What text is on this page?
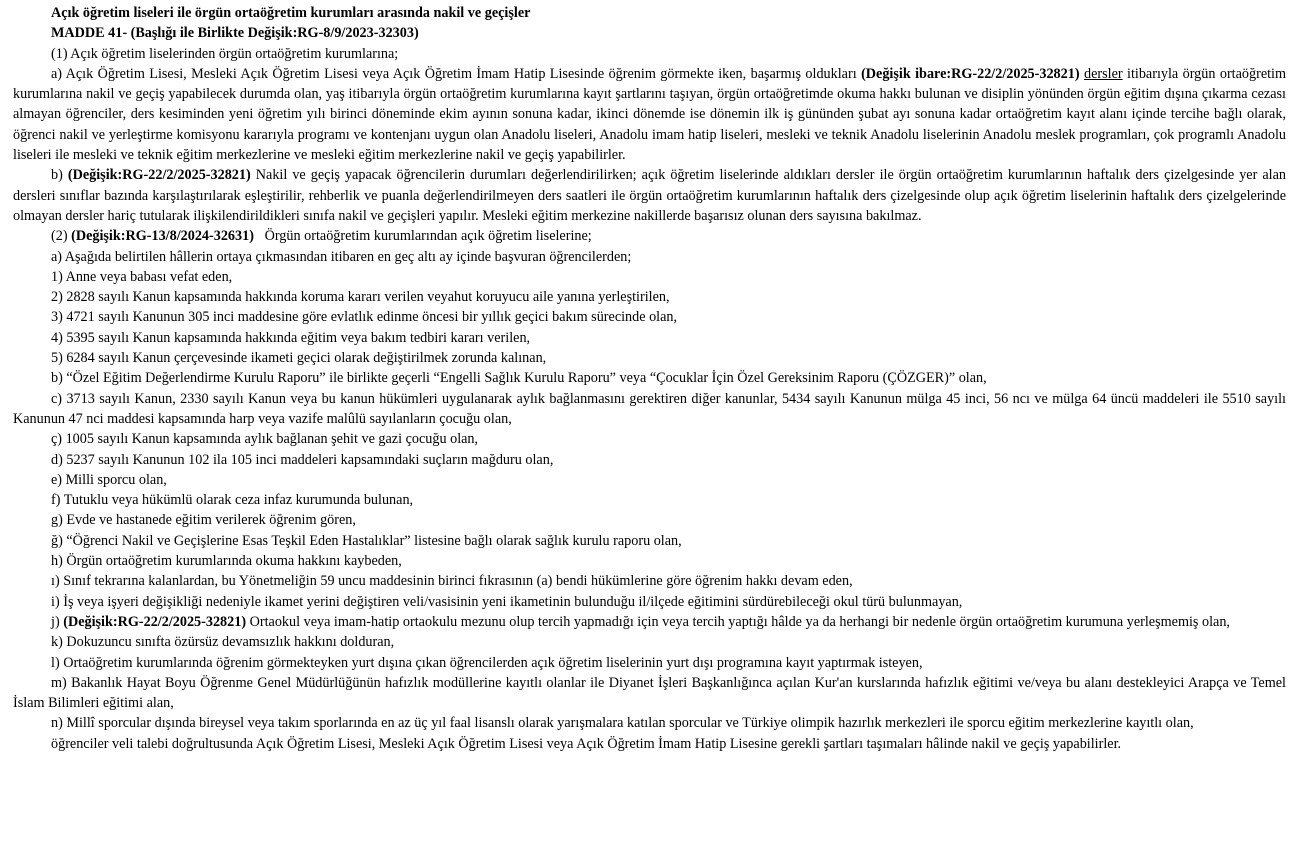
Açık öğretim liseleri ile örgün ortaöğretim kurumları arasında nakil ve geçişler

MADDE 41- (Başlığı ile Birlikte Değişik:RG-8/9/2023-32303)

(1) Açık öğretim liselerinden örgün ortaöğretim kurumlarına;

a) Açık Öğretim Lisesi, Mesleki Açık Öğretim Lisesi veya Açık Öğretim İmam Hatip Lisesinde öğrenim görmekte iken, başarmış oldukları (Değişik ibare:RG-22/2/2025-32821) dersler itibarıyla örgün ortaöğretim kurumlarına nakil ve geçiş yapabilecek durumda olan, yaş itibarıyla örgün ortaöğretim kurumlarına kayıt şartlarını taşıyan, örgün ortaöğretimde okuma hakkı bulunan ve disiplin yönünden örgün eğitim dışına çıkarma cezası almayan öğrenciler, ders kesiminden yeni öğretim yılı birinci döneminde ekim ayının sonuna kadar, ikinci dönemde ise dönemin ilk iş gününden şubat ayı sonuna kadar ortaöğretim kayıt alanı içinde tercihe bağlı olarak, öğrenci nakil ve yerleştirme komisyonu kararıyla programı ve kontenjanı uygun olan Anadolu liseleri, Anadolu imam hatip liseleri, mesleki ve teknik Anadolu liselerinin Anadolu meslek programları, çok programlı Anadolu liseleri ile mesleki ve teknik eğitim merkezlerine ve mesleki eğitim merkezlerine nakil ve geçiş yapabilirler.

b) (Değişik:RG-22/2/2025-32821) Nakil ve geçiş yapacak öğrencilerin durumları değerlendirilirken; açık öğretim liselerinde aldıkları dersler ile örgün ortaöğretim kurumlarının haftalık ders çizelgesinde yer alan dersleri sınıflar bazında karşılaştırılarak eşleştirilir, rehberlik ve puanla değerlendirilmeyen ders saatleri ile örgün ortaöğretim kurumlarının haftalık ders çizelgesinde olup açık öğretim liselerinin haftalık ders çizelgelerinde olmayan dersler hariç tutularak ilişkilendirildikleri sınıfa nakil ve geçişleri yapılır. Mesleki eğitim merkezine nakillerde başarısız olunan ders sayısına bakılmaz.

(2) (Değişik:RG-13/8/2024-32631) Örgün ortaöğretim kurumlarından açık öğretim liselerine;

a) Aşağıda belirtilen hâllerin ortaya çıkmasından itibaren en geç altı ay içinde başvuran öğrencilerden;

1) Anne veya babası vefat eden,

2) 2828 sayılı Kanun kapsamında hakkında koruma kararı verilen veyahut koruyucu aile yanına yerleştirilen,

3) 4721 sayılı Kanunun 305 inci maddesine göre evlatlık edinme öncesi bir yıllık geçici bakım sürecinde olan,

4) 5395 sayılı Kanun kapsamında hakkında eğitim veya bakım tedbiri kararı verilen,

5) 6284 sayılı Kanun çerçevesinde ikameti geçici olarak değiştirilmek zorunda kalınan,

b) “Özel Eğitim Değerlendirme Kurulu Raporu” ile birlikte geçerli “Engelli Sağlık Kurulu Raporu” veya “Çocuklar İçin Özel Gereksinim Raporu (ÇÖZGER)” olan,

c) 3713 sayılı Kanun, 2330 sayılı Kanun veya bu kanun hükümleri uygulanarak aylık bağlanmasını gerektiren diğer kanunlar, 5434 sayılı Kanunun mülga 45 inci, 56 ncı ve mülga 64 üncü maddeleri ile 5510 sayılı Kanunun 47 nci maddesi kapsamında harp veya vazife malûlü sayılanların çocuğu olan,

ç) 1005 sayılı Kanun kapsamında aylık bağlanan şehit ve gazi çocuğu olan,

d) 5237 sayılı Kanunun 102 ila 105 inci maddeleri kapsamındaki suçların mağduru olan,

e) Milli sporcu olan,

f) Tutuklu veya hükümlü olarak ceza infaz kurumunda bulunan,

g) Evde ve hastanede eğitim verilerek öğrenim gören,

ğ) “Öğrenci Nakil ve Geçişlerine Esas Teşkil Eden Hastalıklar” listesine bağlı olarak sağlık kurulu raporu olan,

h) Örgün ortaöğretim kurumlarında okuma hakkını kaybeden,

ı) Sınıf tekrarına kalanlardan, bu Yönetmeliğin 59 uncu maddesinin birinci fıkrasının (a) bendi hükümlerine göre öğrenim hakkı devam eden,

i) İş veya işyeri değişikliği nedeniyle ikamet yerini değiştiren veli/vasisinin yeni ikametinin bulunduğu il/ilçede eğitimini sürdürebileceği okul türü bulunmayan,

j) (Değişik:RG-22/2/2025-32821) Ortaokul veya imam-hatip ortaokulu mezunu olup tercih yapmadığı için veya tercih yaptığı hâlde ya da herhangi bir nedenle örgün ortaöğretim kurumuna yerleşmemiş olan,

k) Dokuzuncu sınıfta özürsüz devamsızlık hakkını dolduran,

l) Ortaöğretim kurumlarında öğrenim görmekteyken yurt dışına çıkan öğrencilerden açık öğretim liselerinin yurt dışı programına kayıt yaptırmak isteyen,

m) Bakanlık Hayat Boyu Öğrenme Genel Müdürlüğünün hafızlık modüllerine kayıtlı olanlar ile Diyanet İşleri Başkanlığınca açılan Kur'an kurslarında hafızlık eğitimi ve/veya bu alanı destekleyici Arapça ve Temel İslam Bilimleri eğitimi alan,

n) Millî sporcular dışında bireysel veya takım sporlarında en az üç yıl faal lisanslı olarak yarışmalara katılan sporcular ve Türkiye olimpik hazırlık merkezleri ile sporcu eğitim merkezlerine kayıtlı olan,

öğrenciler veli talebi doğrultusunda Açık Öğretim Lisesi, Mesleki Açık Öğretim Lisesi veya Açık Öğretim İmam Hatip Lisesine gerekli şartları taşımaları hâlinde nakil ve geçiş yapabilirler.
